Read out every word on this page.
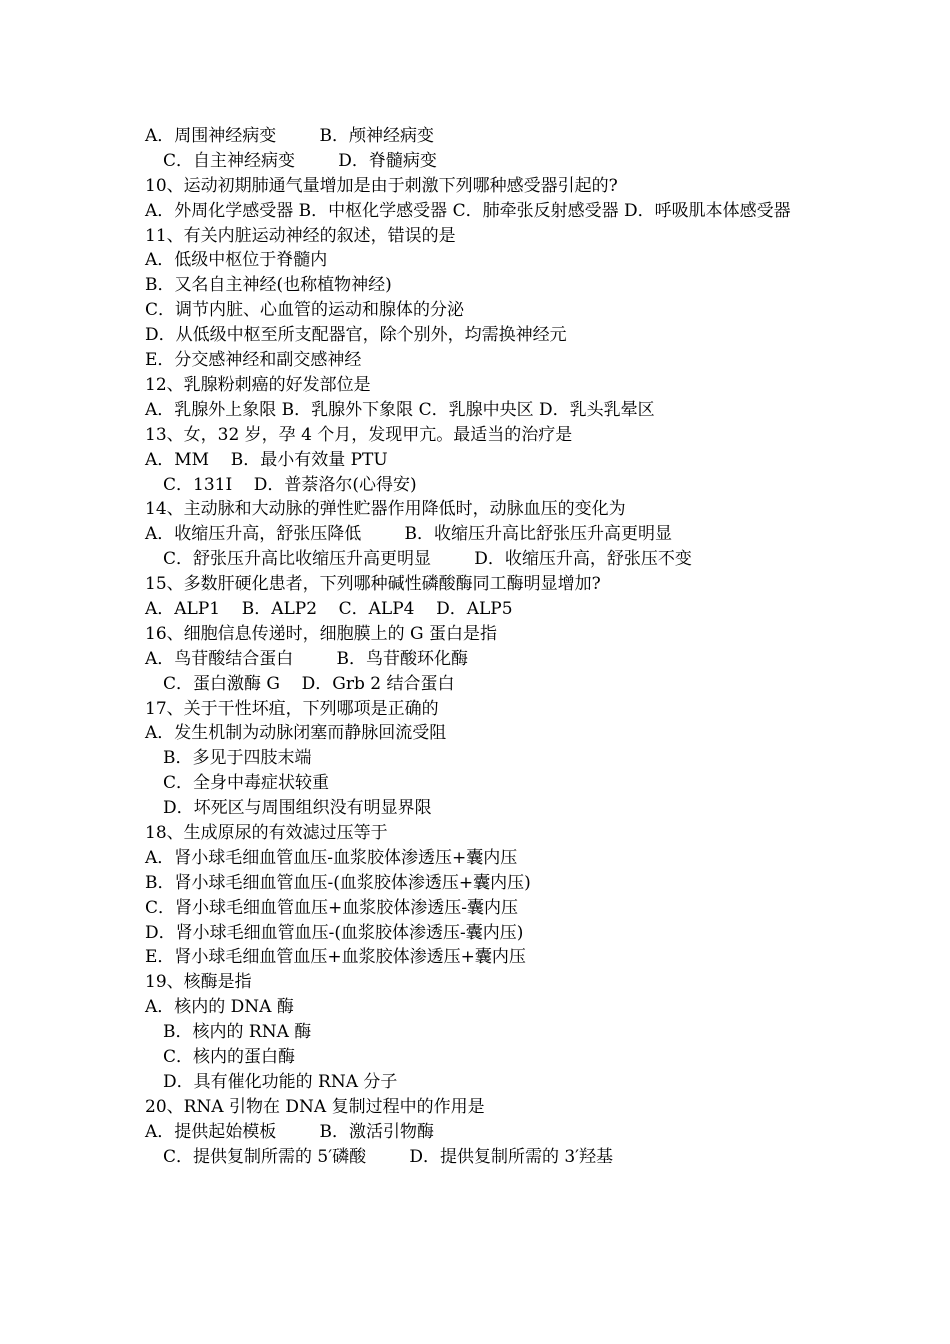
A．周围神经病变        B．颅神经病变
C．自主神经病变        D．脊髓病变
10、运动初期肺通气量增加是由于刺激下列哪种感受器引起的?
A．外周化学感受器 B．中枢化学感受器 C．肺牵张反射感受器 D．呼吸肌本体感受器
11、有关内脏运动神经的叙述，错误的是
A．低级中枢位于脊髓内
B．又名自主神经(也称植物神经)
C．调节内脏、心血管的运动和腺体的分泌
D．从低级中枢至所支配器官，除个别外，均需换神经元
E．分交感神经和副交感神经
12、乳腺粉刺癌的好发部位是
A．乳腺外上象限 B．乳腺外下象限 C．乳腺中央区 D．乳头乳晕区
13、女，32 岁，孕 4 个月，发现甲亢。最适当的治疗是
A．MM    B．最小有效量 PTU
C．131I    D．普萘洛尔(心得安)
14、主动脉和大动脉的弹性贮器作用降低时，动脉血压的变化为
A．收缩压升高，舒张压降低        B．收缩压升高比舒张压升高更明显
C．舒张压升高比收缩压升高更明显        D．收缩压升高，舒张压不变
15、多数肝硬化患者，下列哪种碱性磷酸酶同工酶明显增加?
A．ALP1    B．ALP2    C．ALP4    D．ALP5
16、细胞信息传递时，细胞膜上的 G 蛋白是指
A．鸟苷酸结合蛋白        B．鸟苷酸环化酶
C．蛋白激酶 G    D．Grb 2 结合蛋白
17、关于干性坏疽，下列哪项是正确的
A．发生机制为动脉闭塞而静脉回流受阻
B．多见于四肢末端
C．全身中毒症状较重
D．坏死区与周围组织没有明显界限
18、生成原尿的有效滤过压等于
A．肾小球毛细血管血压-血浆胶体渗透压+囊内压
B．肾小球毛细血管血压-(血浆胶体渗透压+囊内压)
C．肾小球毛细血管血压+血浆胶体渗透压-囊内压
D．肾小球毛细血管血压-(血浆胶体渗透压-囊内压)
E．肾小球毛细血管血压+血浆胶体渗透压+囊内压
19、核酶是指
A．核内的 DNA 酶
B．核内的 RNA 酶
C．核内的蛋白酶
D．具有催化功能的 RNA 分子
20、RNA 引物在 DNA 复制过程中的作用是
A．提供起始模板        B．激活引物酶
C．提供复制所需的 5′磷酸        D．提供复制所需的 3′羟基
